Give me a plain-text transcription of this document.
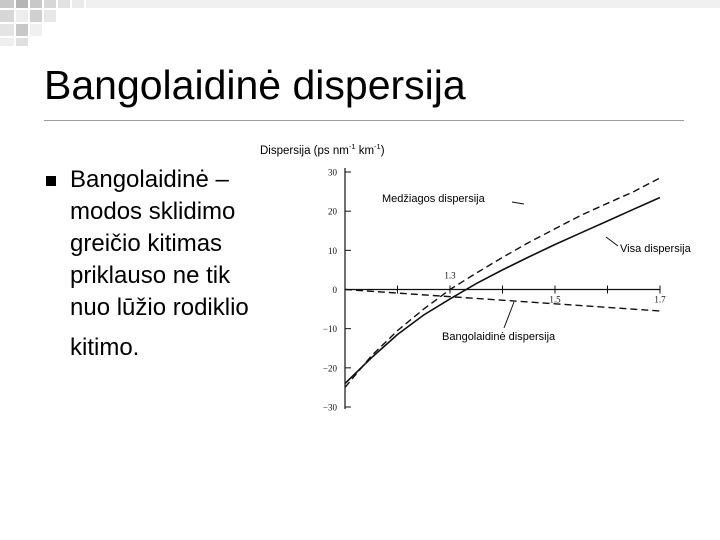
Bangolaidinė dispersija

Bangolaidinė –
modos sklidimo
greičio kitimas
priklauso ne tik
nuo lūžio rodiklio
kitimo.

Dispersija (ps $nm^{-1}$ $km^{-1}$)
30
20
10
0
−10
−20
−30
1.3
1.5	1.7
Medžiagos dispersija
Visa dispersija
Bangolaidinė dispersija
